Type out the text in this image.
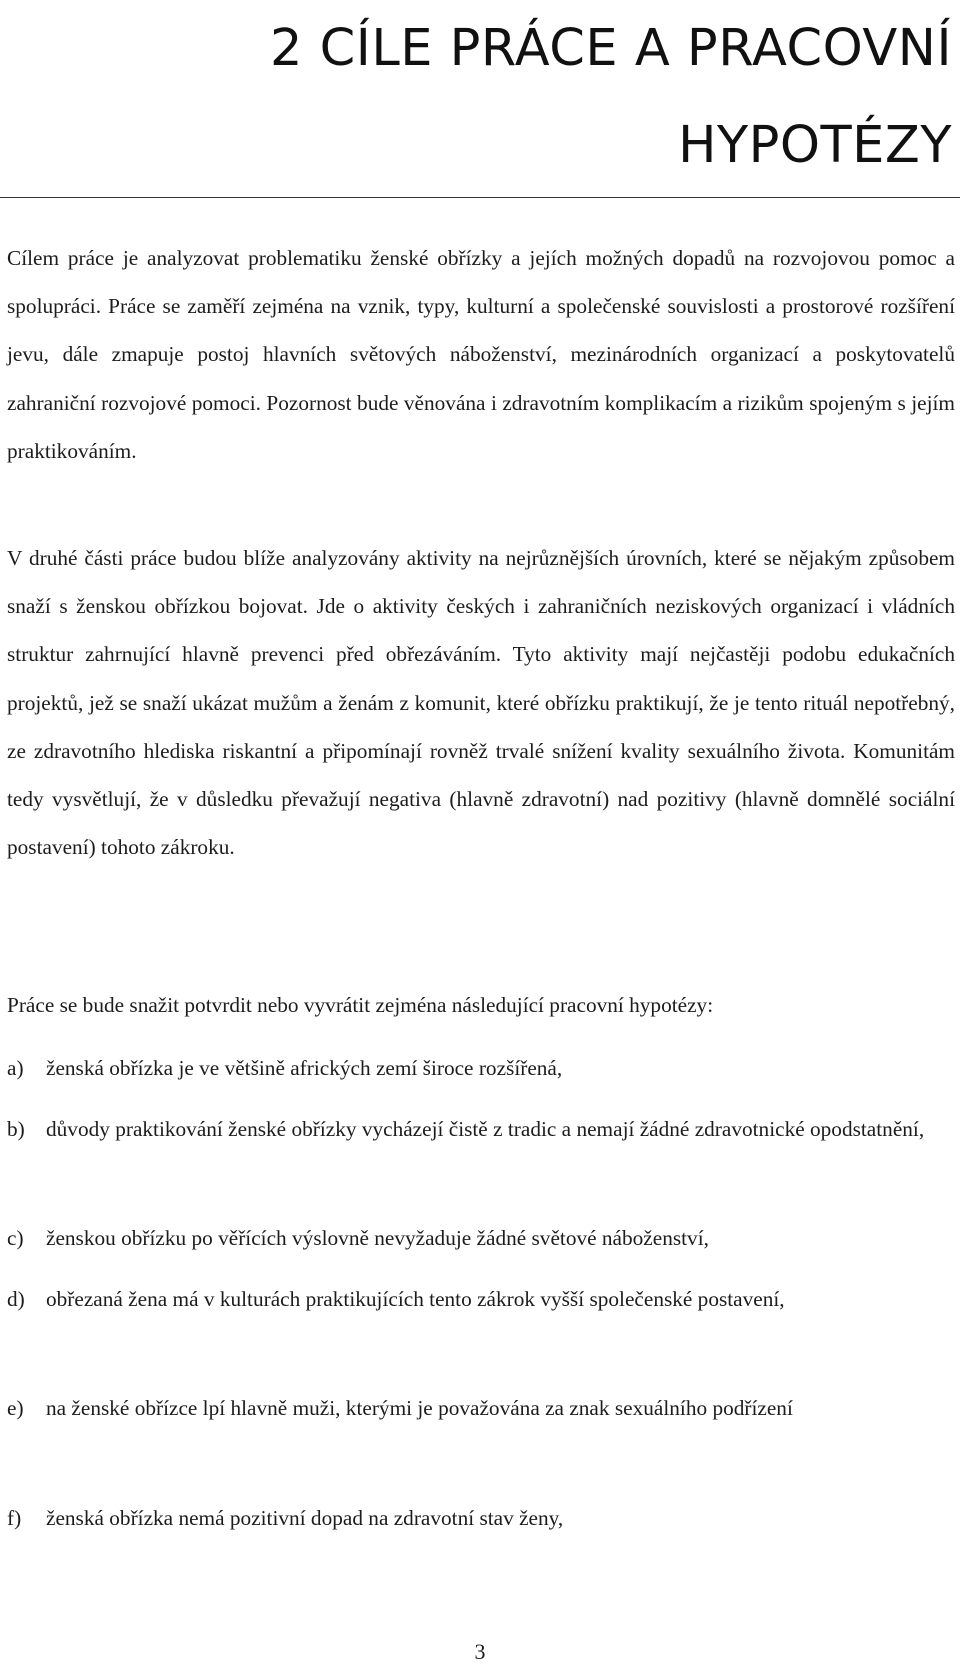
2 CÍLE PRÁCE A PRACOVNÍ
HYPOTÉZY

Cílem práce je analyzovat problematiku ženské obřízky a jejích možných dopadů na rozvojovou pomoc a spolupráci. Práce se zaměří zejména na vznik, typy, kulturní a společenské souvislosti a prostorové rozšíření jevu, dále zmapuje postoj hlavních světových náboženství, mezinárodních organizací a poskytovatelů zahraniční rozvojové pomoci. Pozornost bude věnována i zdravotním komplikacím a rizikům spojeným s jejím praktikováním.

V druhé části práce budou blíže analyzovány aktivity na nejrůznějších úrovních, které se nějakým způsobem snaží s ženskou obřízkou bojovat. Jde o aktivity českých i zahraničních neziskových organizací i vládních struktur zahrnující hlavně prevenci před obřezáváním. Tyto aktivity mají nejčastěji podobu edukačních projektů, jež se snaží ukázat mužům a ženám z komunit, které obřízku praktikují, že je tento rituál nepotřebný, ze zdravotního hlediska riskantní a připomínají rovněž trvalé snížení kvality sexuálního života. Komunitám tedy vysvětlují, že v důsledku převažují negativa (hlavně zdravotní) nad pozitivy (hlavně domnělé sociální postavení) tohoto zákroku.

Práce se bude snažit potvrdit nebo vyvrátit zejména následující pracovní hypotézy:

a)	ženská obřízka je ve většině afrických zemí široce rozšířená,
b) důvody praktikování ženské obřízky vycházejí čistě z tradic a nemají žádné zdravotnické opodstatnění,
c)	ženskou obřízku po věřících výslovně nevyžaduje žádné světové náboženství,
d) obřezaná žena má v kulturách praktikujících tento zákrok vyšší společenské postavení,
e)	na ženské obřízce lpí hlavně muži, kterými je považována za znak sexuálního podřízení
f)	ženská obřízka nemá pozitivní dopad na zdravotní stav ženy,
3
